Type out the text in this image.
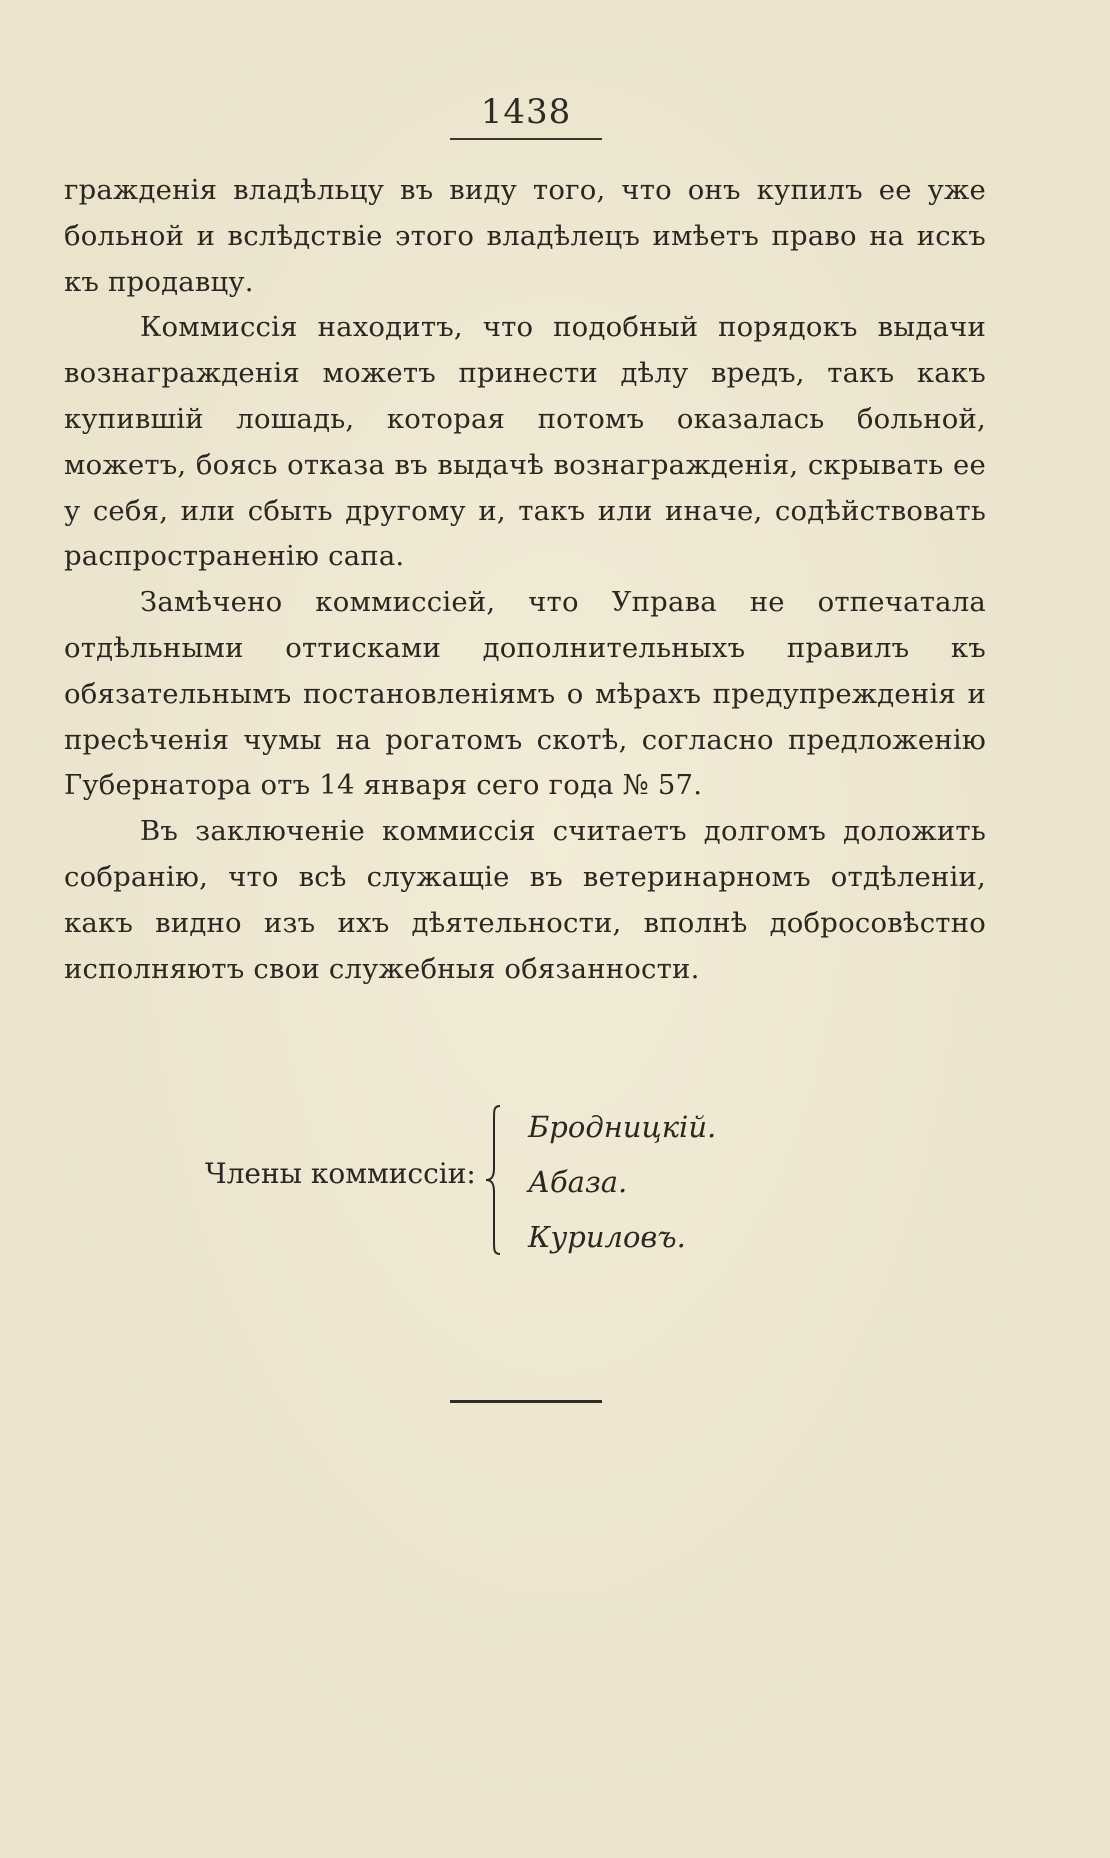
1438

гражденія владѣльцу въ виду того, что онъ купилъ ее уже больной и вслѣдствіе этого владѣлецъ имѣетъ право на искъ къ продавцу.

Коммиссія находитъ, что подобный порядокъ выдачи вознагражденія можетъ принести дѣлу вредъ, такъ какъ купившій лошадь, которая потомъ оказалась больной, можетъ, боясь отказа въ выдачѣ вознагражденія, скрывать ее у себя, или сбыть другому и, такъ или иначе, содѣйствовать распространенію сапа.

Замѣчено коммиссіей, что Управа не отпечатала отдѣльными оттисками дополнительныхъ правилъ къ обязательнымъ постановленіямъ о мѣрахъ предупрежденія и пресѣченія чумы на рогатомъ скотѣ, согласно предложенію Губернатора отъ 14 января сего года № 57.

Въ заключеніе коммиссія считаетъ долгомъ доложить собранію, что всѣ служащіе въ ветеринарномъ отдѣленіи, какъ видно изъ ихъ дѣятельности, вполнѣ добросовѣстно исполняютъ свои служебныя обязанности.

Члены коммиссіи:
Бродницкій.
Абаза.
Куриловъ.
